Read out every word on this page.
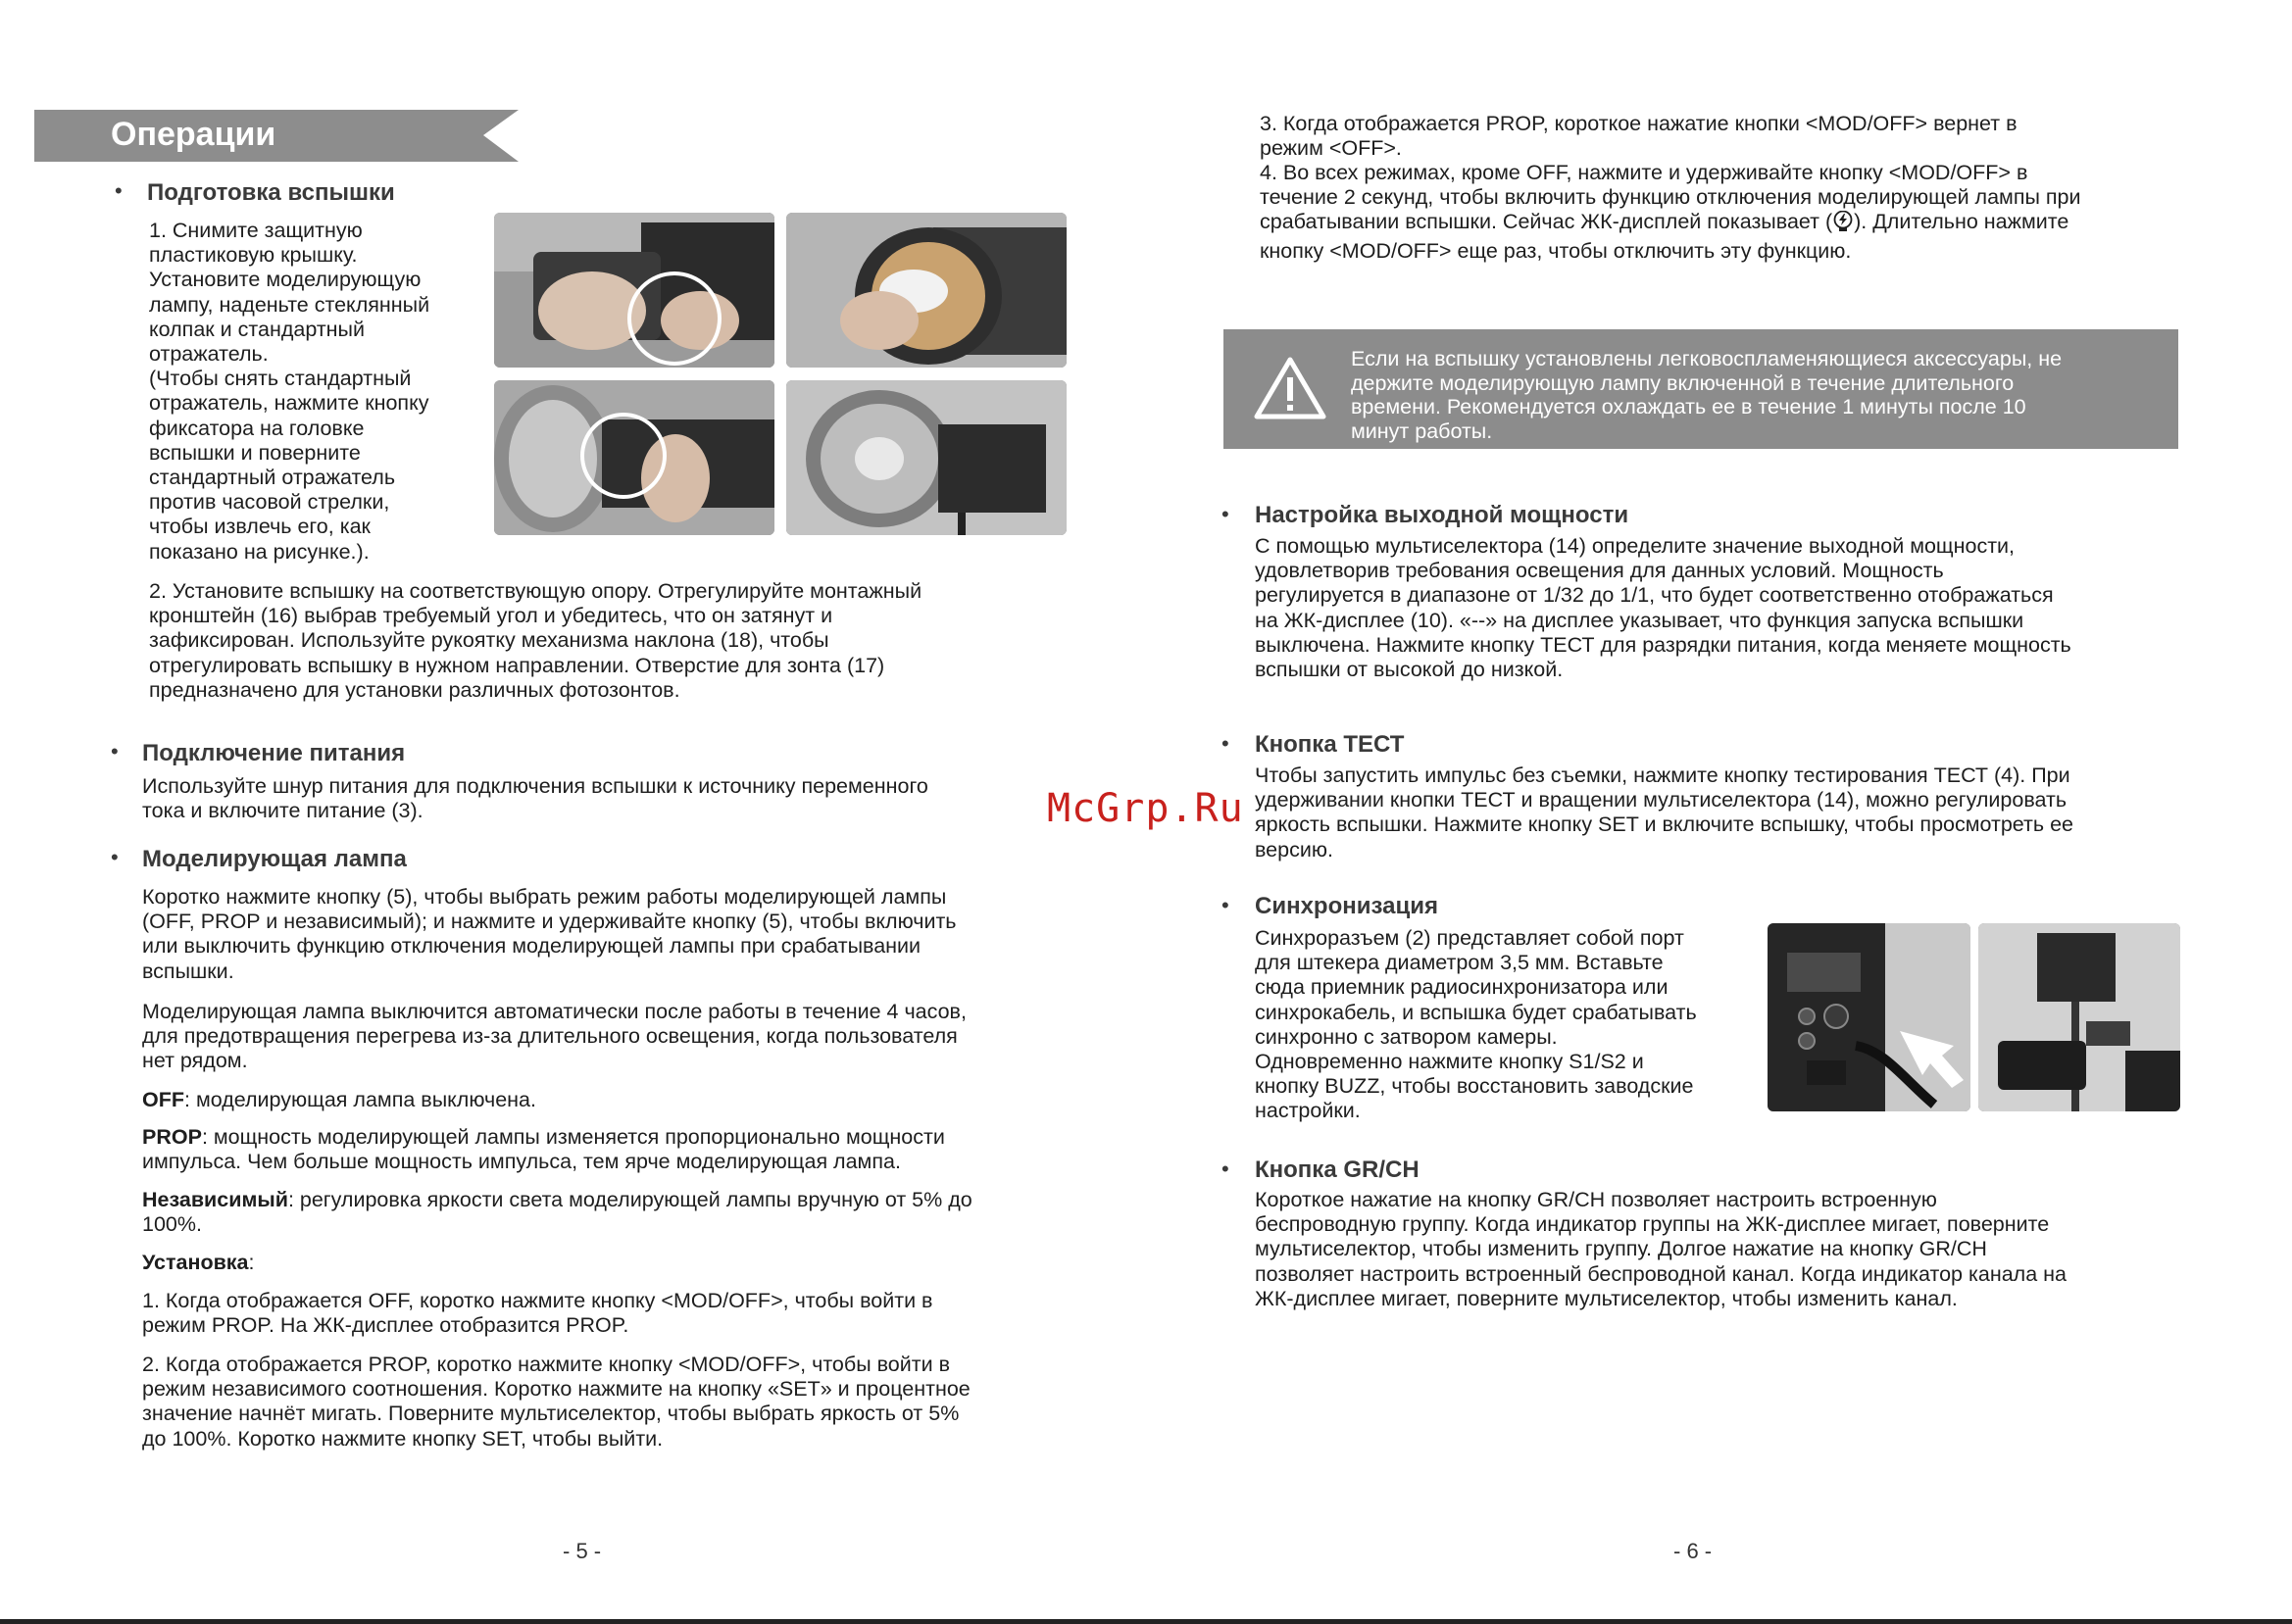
Операции
• Подготовка вспышки

1. Снимите защитную

пластиковую крышку.

Установите моделирующую

лампу, наденьте стеклянный

колпак и стандартный

отражатель.

(Чтобы снять стандартный

отражатель, нажмите кнопку

фиксатора на головке

вспышки и поверните

стандартный отражатель

против часовой стрелки,

чтобы извлечь его, как

показано на рисунке.).

2. Установите вспышку на соответствующую опору. Отрегулируйте монтажный

кронштейн (16) выбрав требуемый угол и убедитесь, что он затянут и

зафиксирован. Используйте рукоятку механизма наклона (18), чтобы

отрегулировать вспышку в нужном направлении. Отверстие для зонта (17)

предназначено для установки различных фотозонтов.

• Подключение питания

Используйте шнур питания для подключения вспышки к источнику переменного

тока и включите питание (3).

• Моделирующая лампа

Коротко нажмите кнопку (5), чтобы выбрать режим работы моделирующей лампы

(OFF, PROP и независимый); и нажмите и удерживайте кнопку (5), чтобы включить

или выключить функцию отключения моделирующей лампы при срабатывании

вспышки.

Моделирующая лампа выключится автоматически после работы в течение 4 часов,

для предотвращения перегрева из-за длительного освещения, когда пользователя

нет рядом.

OFF: моделирующая лампа выключена.

PROP: мощность моделирующей лампы изменяется пропорционально мощности

импульса. Чем больше мощность импульса, тем ярче моделирующая лампа.

Независимый: регулировка яркости света моделирующей лампы вручную от 5% до

100%.

Установка:

1. Когда отображается OFF, коротко нажмите кнопку <MOD/OFF>, чтобы войти в

режим PROP. На ЖК-дисплее отобразится PROP.

2. Когда отображается PROP, коротко нажмите кнопку <MOD/OFF>, чтобы войти в

режим независимого соотношения. Коротко нажмите на кнопку «SET» и процентное

значение начнёт мигать. Поверните мультиселектор, чтобы выбрать яркость от 5%

до 100%. Коротко нажмите кнопку SET, чтобы выйти.

- 5 -

3. Когда отображается PROP, короткое нажатие кнопки <MOD/OFF> вернет в

режим <OFF>.

4. Во всех режимах, кроме OFF, нажмите и удерживайте кнопку <MOD/OFF> в

течение 2 секунд, чтобы включить функцию отключения моделирующей лампы при

срабатывании вспышки. Сейчас ЖК-дисплей показывает ( ). Длительно нажмите

кнопку <MOD/OFF> еще раз, чтобы отключить эту функцию.

Если на вспышку установлены легковоспламеняющиеся аксессуары, не
держите моделирующую лампу включенной в течение длительного
времени. Рекомендуется охлаждать ее в течение 1 минуты после 10
минут работы.
• Настройка выходной мощности

С помощью мультиселектора (14) определите значение выходной мощности,

удовлетворив требования освещения для данных условий. Мощность

регулируется в диапазоне от 1/32 до 1/1, что будет соответственно отображаться

на ЖК-дисплее (10). «--» на дисплее указывает, что функция запуска вспышки

выключена. Нажмите кнопку ТЕСТ для разрядки питания, когда меняете мощность

вспышки от высокой до низкой.

• Кнопка ТЕСТ

Чтобы запустить импульс без съемки, нажмите кнопку тестирования ТЕСТ (4). При

удерживании кнопки ТЕСТ и вращении мультиселектора (14), можно регулировать

яркость вспышки. Нажмите кнопку SET и включите вспышку, чтобы просмотреть ее

версию.

McGrp.Ru
• Синхронизация

Синхроразъем (2) представляет собой порт

для штекера диаметром 3,5 мм. Вставьте

сюда приемник радиосинхронизатора или

синхрокабель, и вспышка будет срабатывать

синхронно с затвором камеры.

Одновременно нажмите кнопку S1/S2 и

кнопку BUZZ, чтобы восстановить заводские

настройки.

• Кнопка GR/CH

Короткое нажатие на кнопку GR/CH позволяет настроить встроенную

беспроводную группу. Когда индикатор группы на ЖК-дисплее мигает, поверните

мультиселектор, чтобы изменить группу. Долгое нажатие на кнопку GR/CH

позволяет настроить встроенный беспроводной канал. Когда индикатор канала на

ЖК-дисплее мигает, поверните мультиселектор, чтобы изменить канал.

- 6 -
